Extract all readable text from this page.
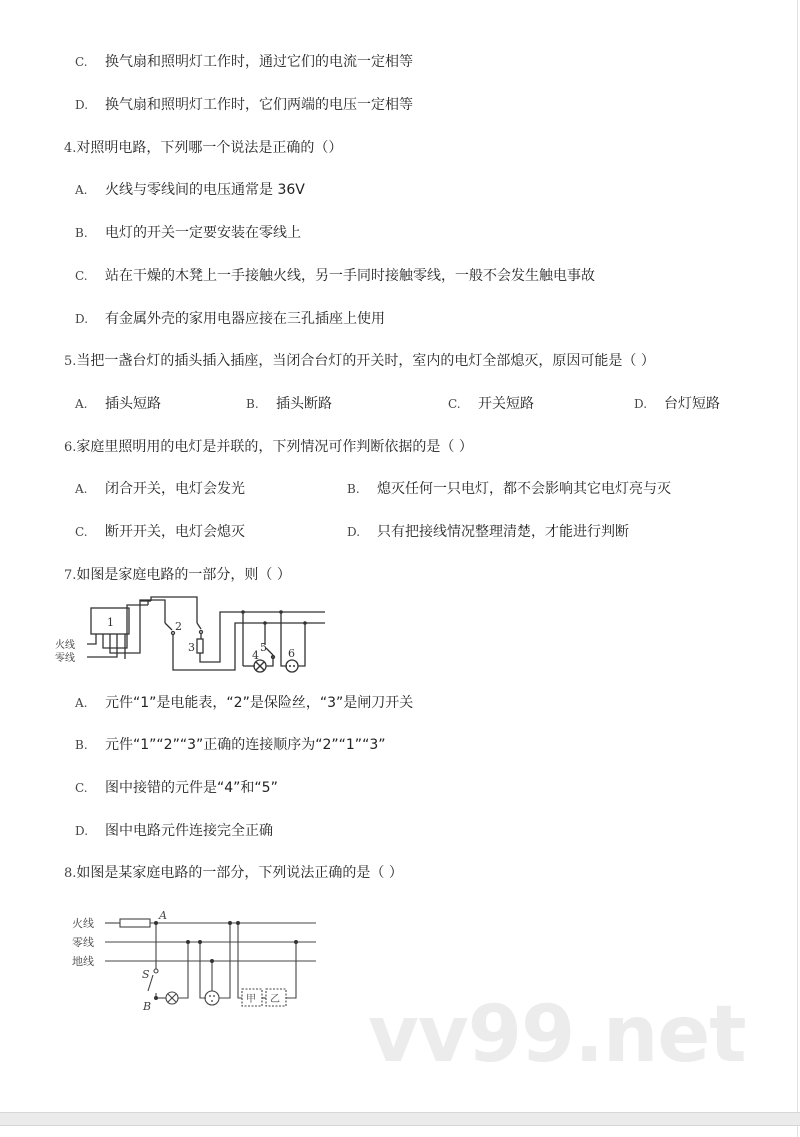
C. 换气扇和照明灯工作时，通过它们的电流一定相等
D. 换气扇和照明灯工作时，它们两端的电压一定相等
4.对照明电路，下列哪一个说法是正确的（）
A. 火线与零线间的电压通常是 36V
B. 电灯的开关一定要安装在零线上
C. 站在干燥的木凳上一手接触火线，另一手同时接触零线，一般不会发生触电事故
D. 有金属外壳的家用电器应接在三孔插座上使用
5.当把一盏台灯的插头插入插座，当闭合台灯的开关时，室内的电灯全部熄灭，原因可能是（ ）
A. 插头短路	B. 插头断路	C. 开关短路	D. 台灯短路
6.家庭里照明用的电灯是并联的，下列情况可作判断依据的是（ ）
A. 闭合开关，电灯会发光	B. 熄灭任何一只电灯，都不会影响其它电灯亮与灭
C. 断开开关，电灯会熄灭	D. 只有把接线情况整理清楚，才能进行判断
7.如图是家庭电路的一部分，则（ ）
1	2
3
4
5 6
火线
零线
A. 元件“1”是电能表，“2”是保险丝，“3”是闸刀开关
B. 元件“1”“2”“3”正确的连接顺序为“2”“1”“3”
C. 图中接错的元件是“4”和“5”
D. 图中电路元件连接完全正确
8.如图是某家庭电路的一部分，下列说法正确的是（ ）
火线
零线
地线
A
B
S
甲 乙 vv99.net
